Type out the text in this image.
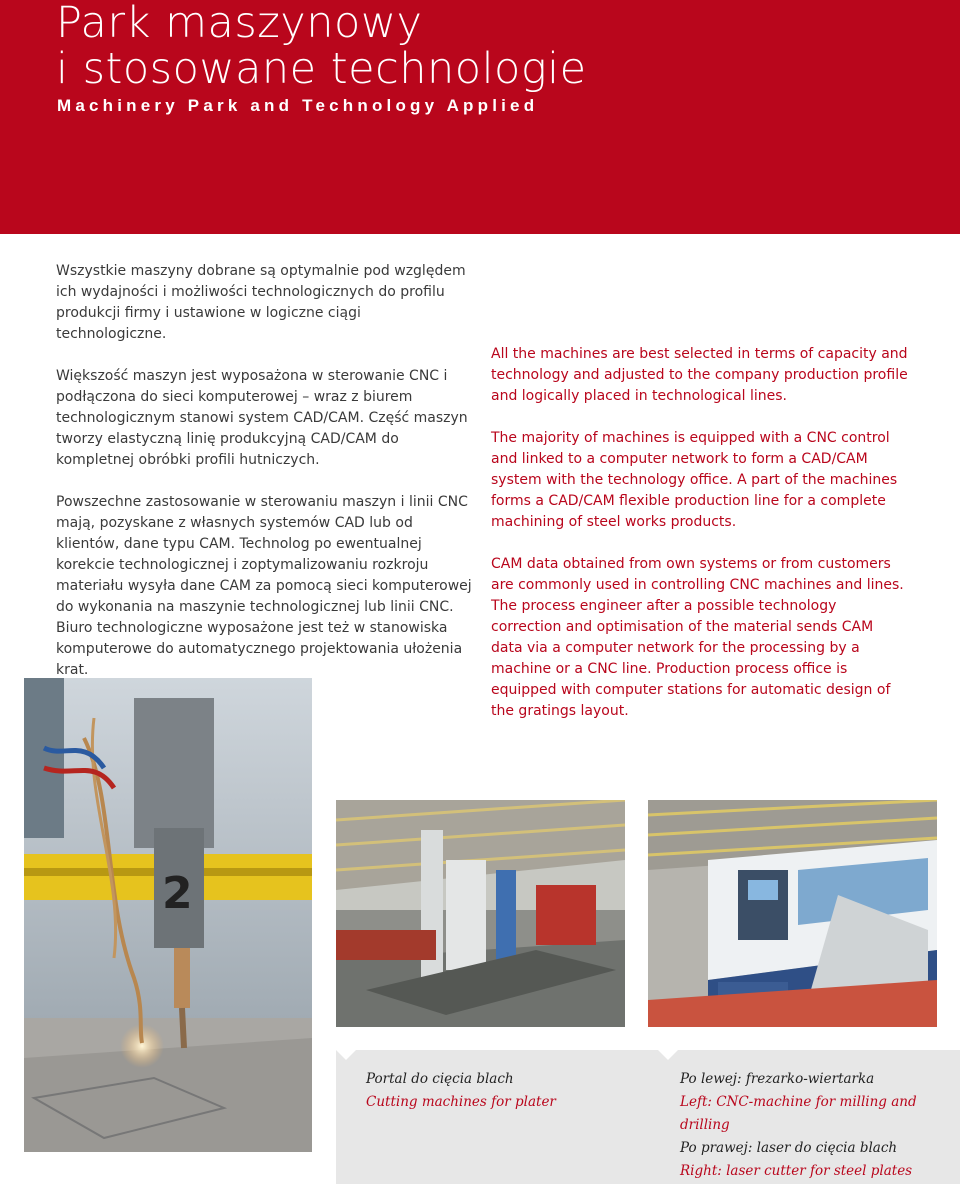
Park maszynowy
i stosowane technologie
Machinery Park and Technology Applied

Wszystkie maszyny dobrane są optymalnie pod względem ich wydajności i możliwości technologicznych do profilu produkcji firmy i ustawione w logiczne ciągi technologiczne.

Większość maszyn jest wyposażona w sterowanie CNC i podłączona do sieci komputerowej – wraz z biurem technologicznym stanowi system CAD/CAM. Część maszyn tworzy elastyczną linię produkcyjną CAD/CAM do kompletnej obróbki profili hutniczych.

Powszechne zastosowanie w sterowaniu maszyn i linii CNC mają, pozyskane z własnych systemów CAD lub od klientów, dane typu CAM. Technolog po ewentualnej korekcie technologicznej i zoptymalizowaniu rozkroju materiału wysyła dane CAM za pomocą sieci komputerowej do wykonania na maszynie technologicznej lub linii CNC. Biuro technologiczne wyposażone jest też w stanowiska komputerowe do automatycznego projektowania ułożenia krat.

All the machines are best selected in terms of capacity and technology and adjusted to the company production profile and logically placed in technological lines.

The majority of machines is equipped with a CNC control and linked to a computer network to form a CAD/CAM system with the technology office. A part of the machines forms a CAD/CAM flexible production line for a complete machining of steel works products.

CAM data obtained from own systems or from customers are commonly used in controlling CNC machines and lines. The process engineer after a possible technology correction and optimisation of the material sends CAM data via a computer network for the processing by a machine or a CNC line. Production process office is equipped with computer stations for automatic design of the gratings layout.

2
Portal do cięcia blach
Cutting machines for plater
Po lewej: frezarko-wiertarka
Left: CNC-machine for milling and drilling
Po prawej: laser do cięcia blach
Right: laser cutter for steel plates
